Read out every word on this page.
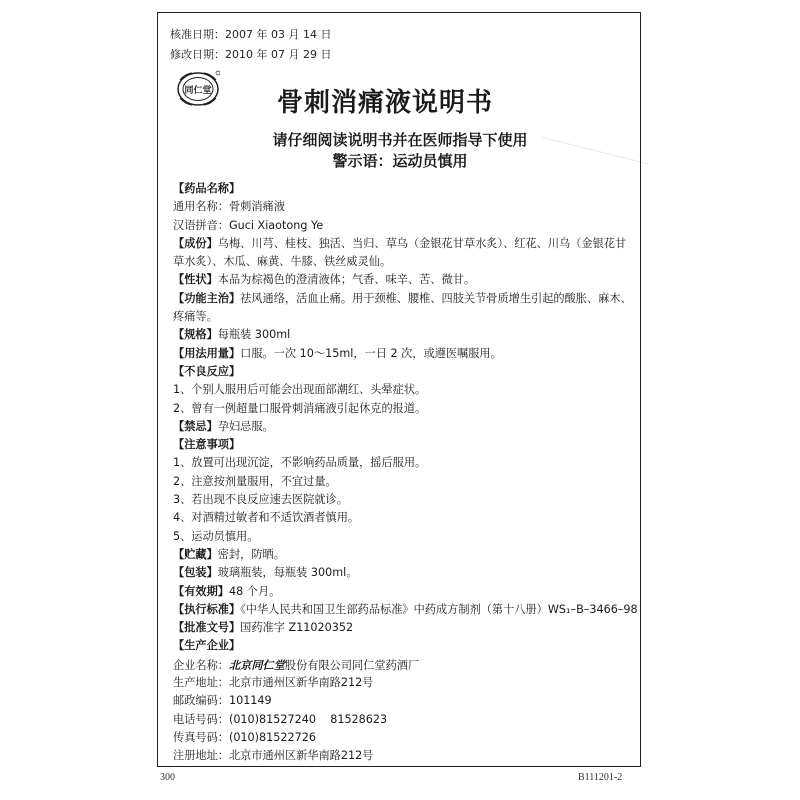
核准日期：2007 年 03 月 14 日
修改日期：2010 年 07 月 29 日
同仁堂	骨刺消痛液说明书
请仔细阅读说明书并在医师指导下使用
警示语：运动员慎用
【 药品名称 】
通用名称：骨刺消痛液
汉语拼音：Guci Xiaotong Ye
【 成份 】 乌梅、川芎、桂枝、独活、当归、草乌（金银花甘草水炙）、红花、川乌（金银花甘
草水炙）、木瓜、麻黄、牛膝、铁丝威灵仙。
【 性状 】 本品为棕褐色的澄清液体；气香、味辛、苦、微甘。
【 功能主治 】 祛风通络，活血止痛。用于颈椎、腰椎、四肢关节骨质增生引起的酸胀、麻木、
疼痛等。
【 规格 】 每瓶装 300ml
【 用法用量 】 口服。一次 10～15ml，一日 2 次，或遵医嘱服用。
【 不良反应 】
1、个别人服用后可能会出现面部潮红、头晕症状。
2、曾有一例超量口服骨刺消痛液引起休克的报道。
【 禁忌 】 孕妇忌服。
【 注意事项 】
1、放置可出现沉淀，不影响药品质量，摇后服用。
2、注意按剂量服用，不宜过量。
3、若出现不良反应速去医院就诊。
4、对酒精过敏者和不适饮酒者慎用。
5、运动员慎用。
【 贮藏 】 密封，防晒。
【 包装 】 玻璃瓶装，每瓶装 300ml。
【 有效期 】 48 个月。
【 执行标准 】 《中华人民共和国卫生部药品标准》中药成方制剂（第十八册）WS₁–B–3466–98
【 批准文号 】 国药准字 Z11020352
【 生产企业 】
企业名称：北京同仁堂股份有限公司同仁堂药酒厂
生产地址：北京市通州区新华南路212号
邮政编码：101149
电话号码：(010)81527240    81528623
传真号码：(010)81522726
注册地址：北京市通州区新华南路212号
300	B111201-2
